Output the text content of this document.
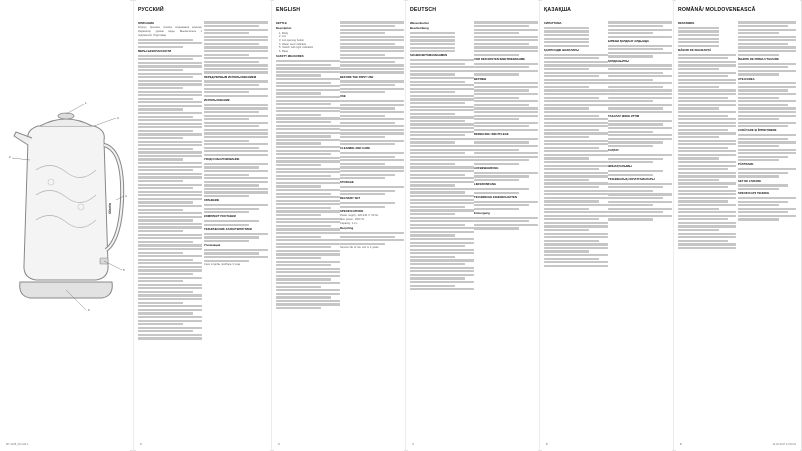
1
2
3
4
5
6
Marta
MT-1046_IM.indd 1
РУССКИЙ
ОПИСАНИЕ

Корпус, Крышка, Кнопка открывания крышки, Индикатор уровня воды, Выключатель с подсветкой, Подставка

МЕРЫ БЕЗОПАСНОСТИ
ПЕРЕД ПЕРВЫМ ИСПОЛЬЗОВАНИЕМ
ИСПОЛЬЗОВАНИЕ
УХОД И ОБСЛУЖИВАНИЕ
ХРАНЕНИЕ
КОМПЛЕКТ ПОСТАВКИ
ТЕХНИЧЕСКИЕ ХАРАКТЕРИСТИКИ
Утилизация

Срок службы прибора 3 года

2
ENGLISH
KETTLE
Description

1. Body

2. Lid

3. Lid opening button

4. Water level indicator

5. Switch with light indication

6. Base

SAFETY MEASURES
BEFORE THE FIRST USE
USE
CLEANING AND CARE
STORAGE
DELIVERY SET
SPECIFICATIONS

Power supply: 220-240 V, 50 Hz

Max power: 1500 W

Capacity: 1.2 L

Recycling

Service life of the unit is 3 years

3
DEUTSCH
Wasserkocher
Beschreibung
SICHERHEITSMAßNAHMEN
VOR DER ERSTEN INBETRIEBNAHME
BETRIEB
REINIGUNG UND PFLEGE
AUFBEWAHRUNG
LIEFERUMFANG
TECHNISCHE EIGENSCHAFTEN
Entsorgung
4
ҚАЗАҚША
СИПАТТАМА
ҚАУІПСІЗДІК ШАРАЛАРЫ
БІРІНШІ ҚОЛДАНУ АЛДЫНДА
ҚОЛДАНЫЛУЫ
ТАЗАЛАУ ЖӘНЕ КҮТІМ
САҚТАУ
ЖИНАҚТАЛЫМЫ
ТЕХНИКАЛЫҚ СИПАТТАМАЛАРЫ
5
ROMÂNĂ/ MOLDOVENEASCĂ
DESCRIERE
MĂSURI DE SIGURANȚĂ
ÎNAINTE DE PRIMA UTILIZARE
UTILIZAREA
CURĂȚARE ȘI ÎNTREȚINERE
PĂSTRARE
SET DE LIVRARE
SPECIFICAȚII TEHNICE
6	14.02.2017 11:54:24
